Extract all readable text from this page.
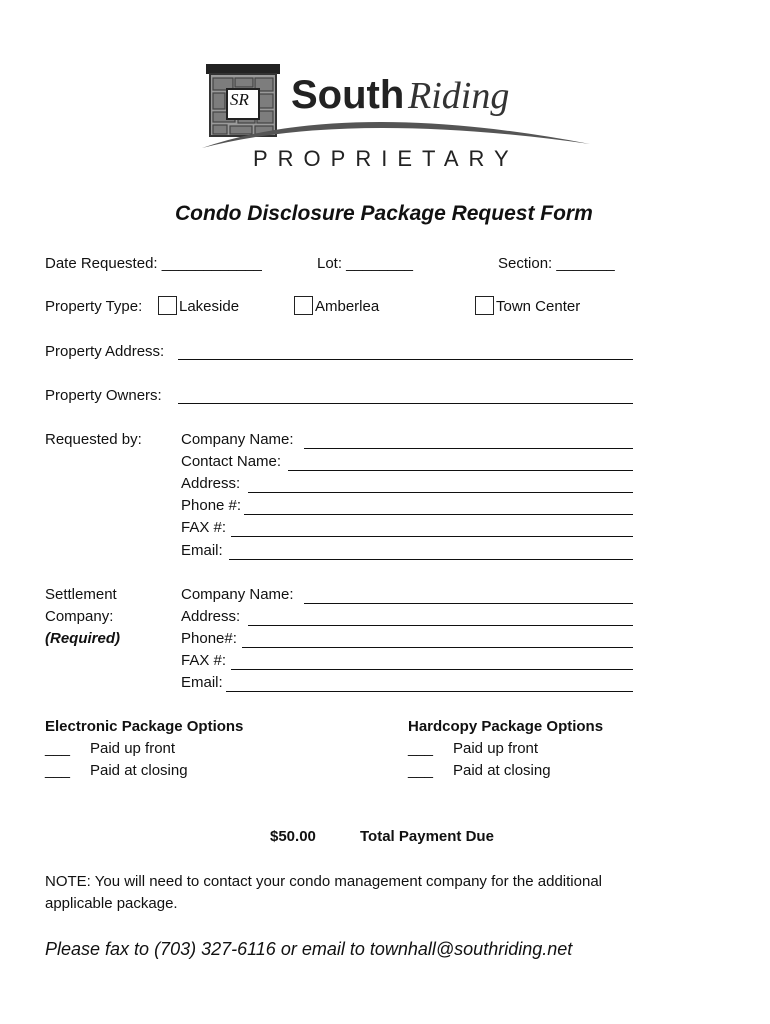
South Riding
PROPRIETARY
SR
Condo Disclosure Package Request Form
Date Requested: ____________	Lot: ________	Section: _______
Property Type:	Lakeside	Amberlea	Town Center
Property Address:
Property Owners:
Requested by:	Company Name:
Contact Name:
Address:
Phone #:
FAX #:
Email:
Settlement
Company:
(Required)
Company Name:
Address:
Phone#:
FAX #:
Email:
Electronic Package Options
___ Paid up front
___ Paid at closing
Hardcopy Package Options
___ Paid up front
___ Paid at closing
$50.00	Total Payment Due
NOTE: You will need to contact your condo management company for the additional
applicable package.
Please fax to (703) 327-6116 or email to townhall@southriding.net
